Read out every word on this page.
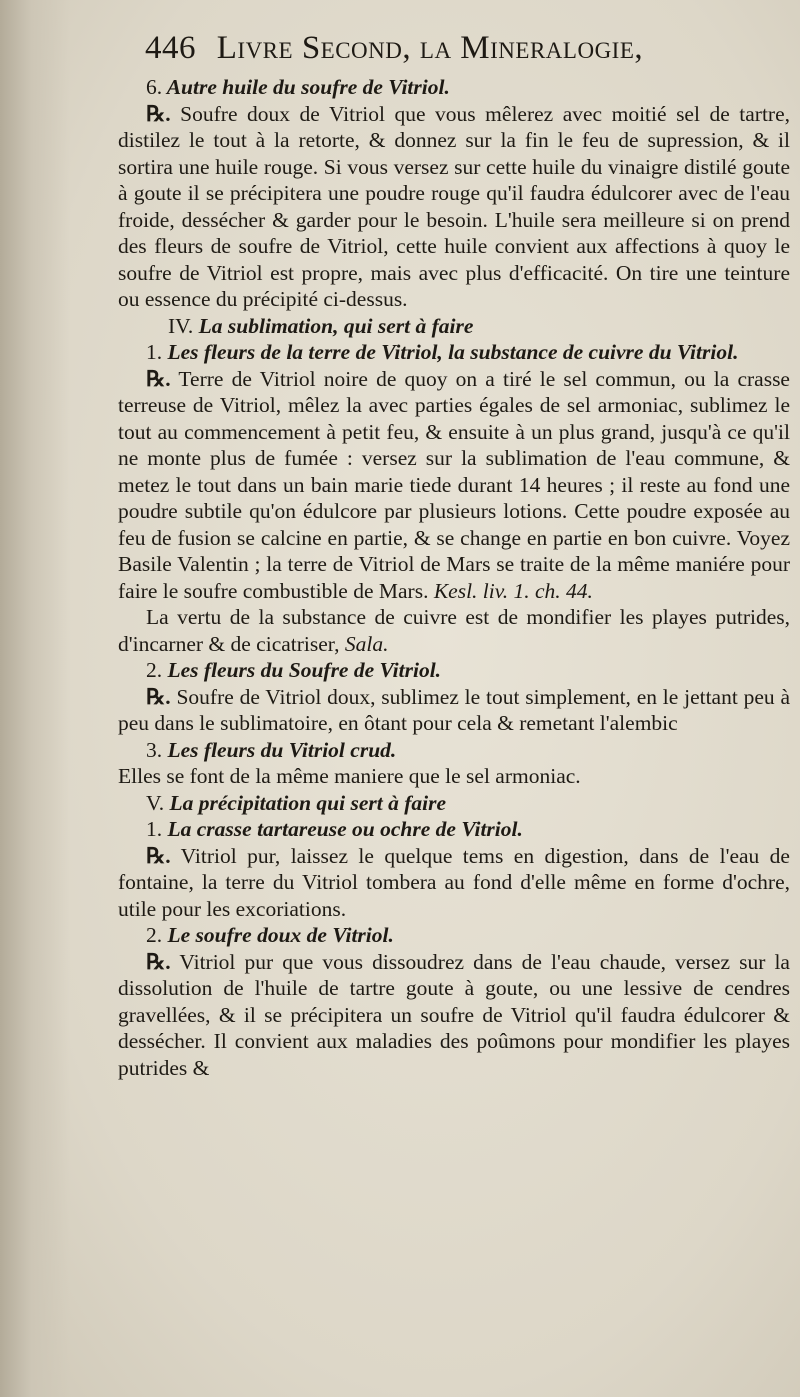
446 Livre Second, la Mineralogie,

6. Autre huile du soufre de Vitriol.

℞. Soufre doux de Vitriol que vous mêlerez avec moitié sel de tartre, distilez le tout à la retorte, & donnez sur la fin le feu de supression, & il sortira une huile rouge. Si vous versez sur cette huile du vinaigre distilé goute à goute il se précipitera une poudre rouge qu'il faudra édulcorer avec de l'eau froide, dessécher & garder pour le besoin. L'huile sera meilleure si on prend des fleurs de soufre de Vitriol, cette huile convient aux affections à quoy le soufre de Vitriol est propre, mais avec plus d'efficacité. On tire une teinture ou essence du précipité ci-dessus.

IV. La sublimation, qui sert à faire

1. Les fleurs de la terre de Vitriol, la substance de cuivre du Vitriol.

℞. Terre de Vitriol noire de quoy on a tiré le sel commun, ou la crasse terreuse de Vitriol, mêlez la avec parties égales de sel armoniac, sublimez le tout au commencement à petit feu, & ensuite à un plus grand, jusqu'à ce qu'il ne monte plus de fumée : versez sur la sublimation de l'eau commune, & metez le tout dans un bain marie tiede durant 14 heures ; il reste au fond une poudre subtile qu'on édulcore par plusieurs lotions. Cette poudre exposée au feu de fusion se calcine en partie, & se change en partie en bon cuivre. Voyez Basile Valentin ; la terre de Vitriol de Mars se traite de la même maniére pour faire le soufre combustible de Mars. Kesl. liv. 1. ch. 44.

La vertu de la substance de cuivre est de mondifier les playes putrides, d'incarner & de cicatriser, Sala.

2. Les fleurs du Soufre de Vitriol.

℞. Soufre de Vitriol doux, sublimez le tout simplement, en le jettant peu à peu dans le sublimatoire, en ôtant pour cela & remetant l'alembic

3. Les fleurs du Vitriol crud.

Elles se font de la même maniere que le sel armoniac.

V. La précipitation qui sert à faire

1. La crasse tartareuse ou ochre de Vitriol.

℞. Vitriol pur, laissez le quelque tems en digestion, dans de l'eau de fontaine, la terre du Vitriol tombera au fond d'elle même en forme d'ochre, utile pour les excoriations.

2. Le soufre doux de Vitriol.

℞. Vitriol pur que vous dissoudrez dans de l'eau chaude, versez sur la dissolution de l'huile de tartre goute à goute, ou une lessive de cendres gravellées, & il se précipitera un soufre de Vitriol qu'il faudra édulcorer & dessécher. Il convient aux maladies des poûmons pour mondifier les playes putrides &
